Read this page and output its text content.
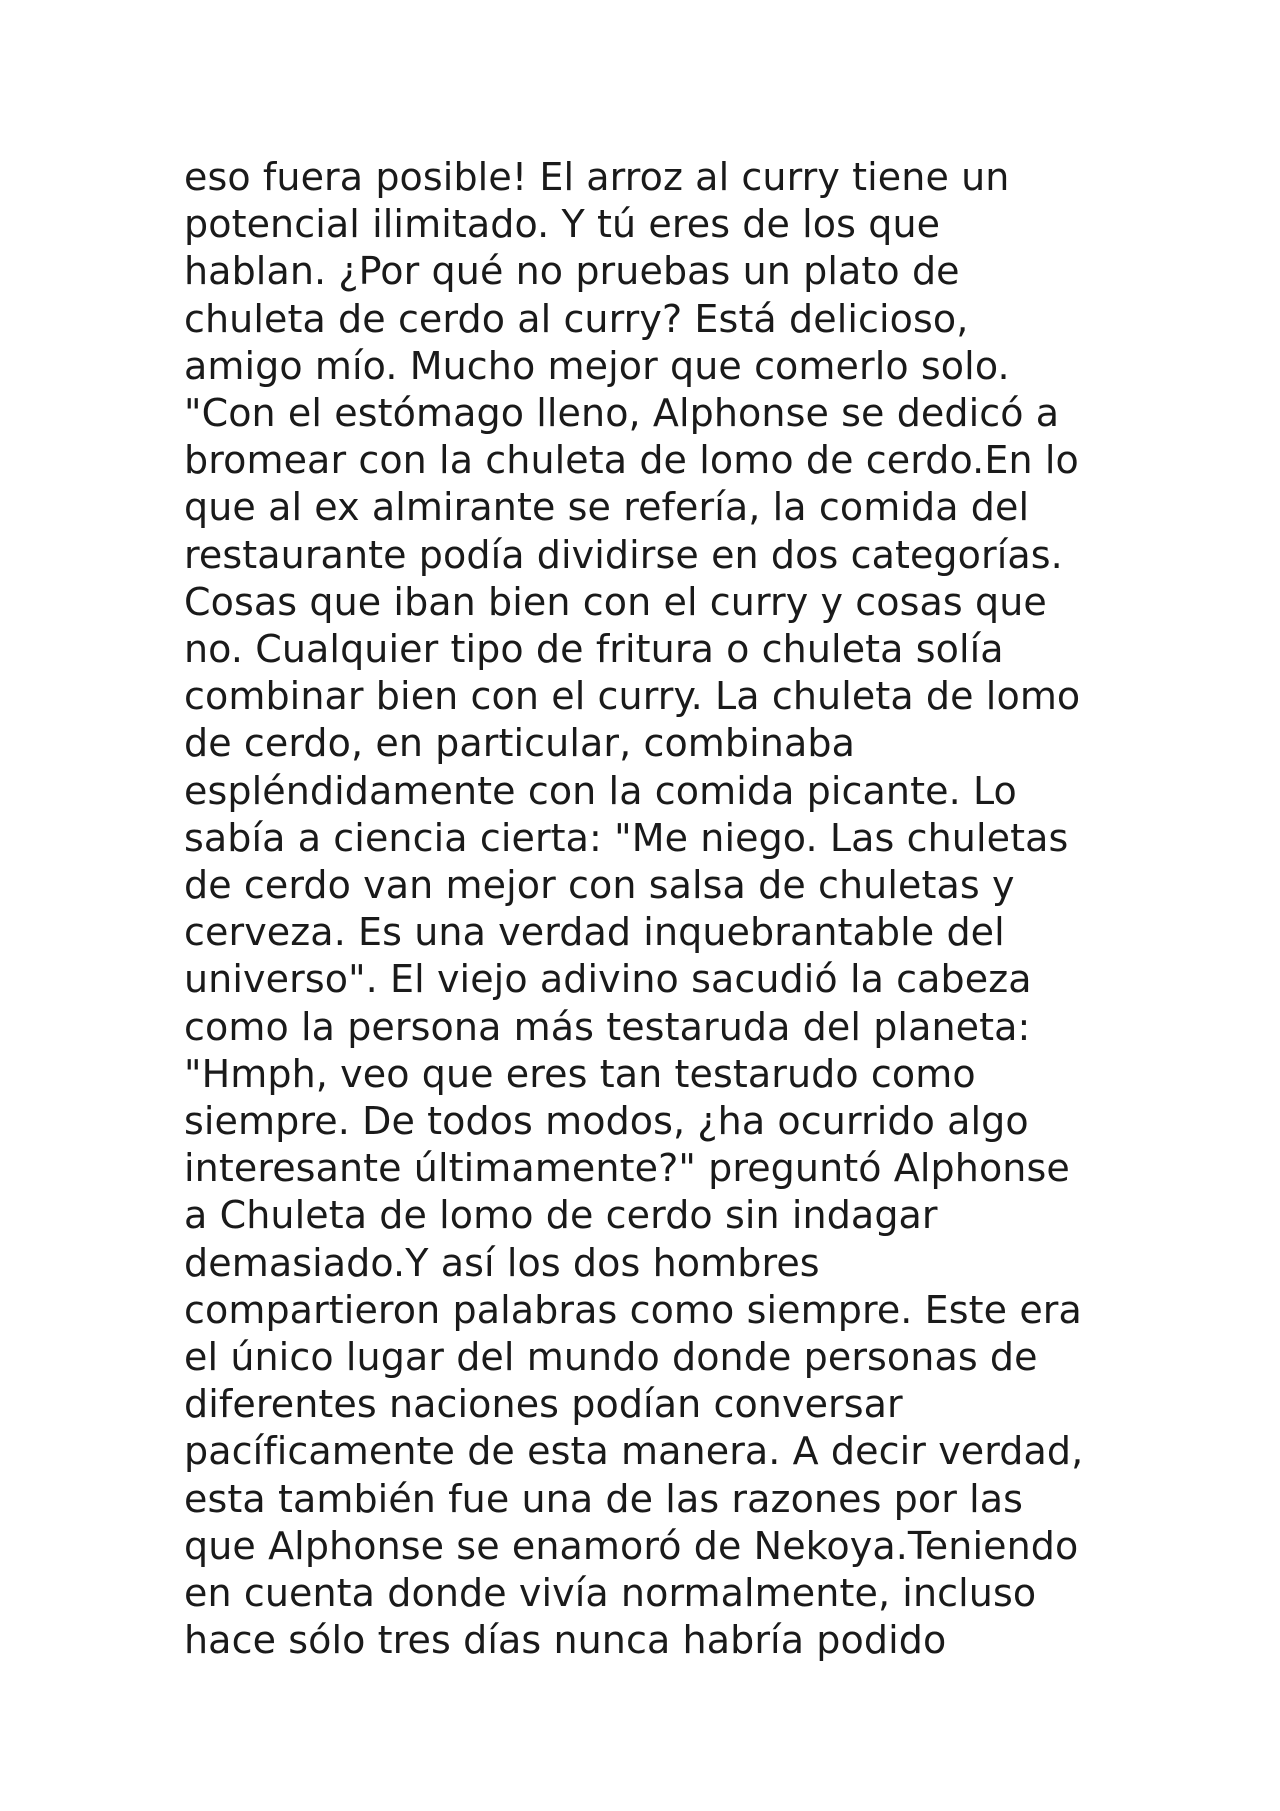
eso fuera posible! El arroz al curry tiene un
potencial ilimitado. Y tú eres de los que
hablan. ¿Por qué no pruebas un plato de
chuleta de cerdo al curry? Está delicioso,
amigo mío. Mucho mejor que comerlo solo.
"Con el estómago lleno, Alphonse se dedicó a
bromear con la chuleta de lomo de cerdo.En lo
que al ex almirante se refería, la comida del
restaurante podía dividirse en dos categorías.
Cosas que iban bien con el curry y cosas que
no. Cualquier tipo de fritura o chuleta solía
combinar bien con el curry. La chuleta de lomo
de cerdo, en particular, combinaba
espléndidamente con la comida picante. Lo
sabía a ciencia cierta: "Me niego. Las chuletas
de cerdo van mejor con salsa de chuletas y
cerveza. Es una verdad inquebrantable del
universo". El viejo adivino sacudió la cabeza
como la persona más testaruda del planeta:
"Hmph, veo que eres tan testarudo como
siempre. De todos modos, ¿ha ocurrido algo
interesante últimamente?" preguntó Alphonse
a Chuleta de lomo de cerdo sin indagar
demasiado.Y así los dos hombres
compartieron palabras como siempre. Este era
el único lugar del mundo donde personas de
diferentes naciones podían conversar
pacíficamente de esta manera. A decir verdad,
esta también fue una de las razones por las
que Alphonse se enamoró de Nekoya.Teniendo
en cuenta donde vivía normalmente, incluso
hace sólo tres días nunca habría podido
